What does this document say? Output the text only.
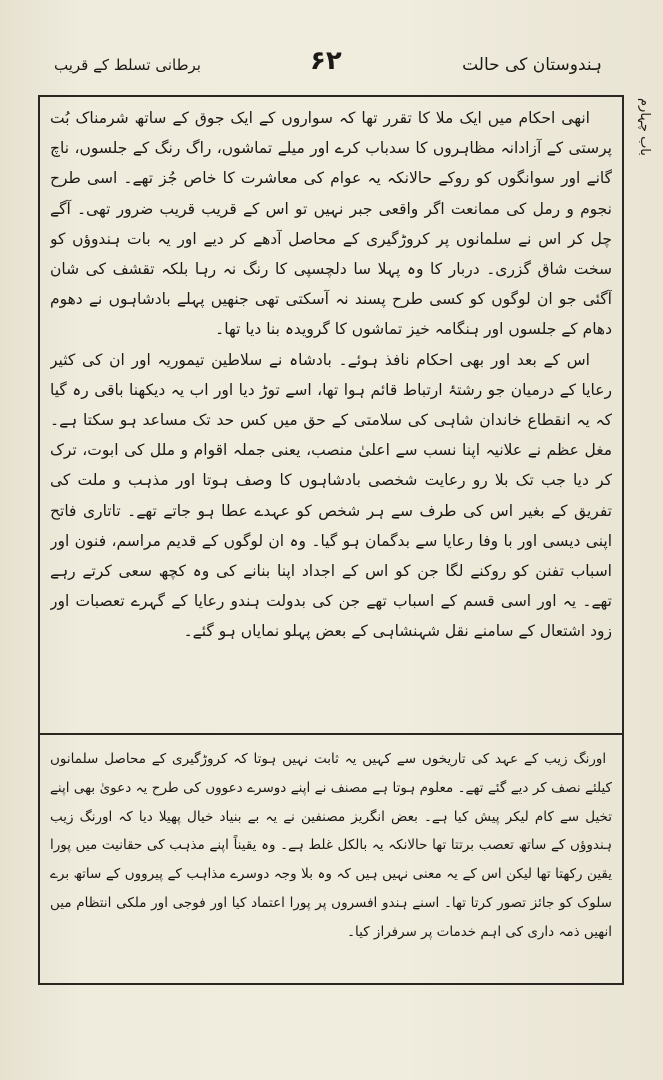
ہندوستان کی حالت
۶۲
برطانی تسلط کے قریب
باب چہارم

انھی احکام میں ایک ملا کا تقرر تھا کہ سواروں کے ایک جوق کے ساتھ شرمناک بُت پرستی کے آزادانہ مظاہروں کا سدباب کرے اور میلے تماشوں، راگ رنگ کے جلسوں، ناچ گانے اور سوانگوں کو روکے حالانکہ یہ عوام کی معاشرت کا خاص جُز تھے۔ اسی طرح نجوم و رمل کی ممانعت اگر واقعی جبر نہیں تو اس کے قریب قریب ضرور تھی۔ آگے چل کر اس نے سلمانوں پر کروڑگیری کے محاصل آدھے کر دیے اور یہ بات ہندوؤں کو سخت شاق گزری۔ دربار کا وہ پہلا سا دلچسپی کا رنگ نہ رہا بلکہ تقشف کی شان آگئی جو ان لوگوں کو کسی طرح پسند نہ آسکتی تھی جنھیں پہلے بادشاہوں نے دھوم دھام کے جلسوں اور ہنگامہ خیز تماشوں کا گرویدہ بنا دیا تھا۔

اس کے بعد اور بھی احکام نافذ ہوئے۔ بادشاہ نے سلاطین تیموریہ اور ان کی کثیر رعایا کے درمیان جو رشتۂ ارتباط قائم ہوا تھا، اسے توڑ دیا اور اب یہ دیکھنا باقی رہ گیا کہ یہ انقطاع خاندان شاہی کی سلامتی کے حق میں کس حد تک مساعد ہو سکتا ہے۔ مغل عظم نے علانیہ اپنا نسب سے اعلیٰ منصب، یعنی جملہ اقوام و ملل کی ابوت، ترک کر دیا جب تک بلا رو رعایت شخصی بادشاہوں کا وصف ہوتا اور مذہب و ملت کی تفریق کے بغیر اس کی طرف سے ہر شخص کو عہدے عطا ہو جاتے تھے۔ تاتاری فاتح اپنی دیسی اور با وفا رعایا سے بدگمان ہو گیا۔ وہ ان لوگوں کے قدیم مراسم، فنون اور اسباب تفنن کو روکنے لگا جن کو اس کے اجداد اپنا بنانے کی وہ کچھ سعی کرتے رہے تھے۔ یہ اور اسی قسم کے اسباب تھے جن کی بدولت ہندو رعایا کے گہرے تعصبات اور زود اشتعال کے سامنے نقل شہنشاہی کے بعض پہلو نمایاں ہو گئے۔

ؔ اورنگ زیب کے عہد کی تاریخوں سے کہیں یہ ثابت نہیں ہوتا کہ کروڑگیری کے محاصل سلمانوں کیلئے نصف کر دیے گئے تھے۔ معلوم ہوتا ہے مصنف نے اپنے دوسرے دعووں کی طرح یہ دعویٰ بھی اپنے تخیل سے کام لیکر پیش کیا ہے۔ بعض انگریز مصنفین نے یہ بے بنیاد خیال پھیلا دیا کہ اورنگ زیب ہندوؤں کے ساتھ تعصب برتتا تھا حالانکہ یہ بالکل غلط ہے۔ وہ یقیناً اپنے مذہب کی حقانیت میں پورا یقین رکھتا تھا لیکن اس کے یہ معنی نہیں ہیں کہ وہ بلا وجہ دوسرے مذاہب کے پیرووں کے ساتھ برے سلوک کو جائز تصور کرتا تھا۔ اسنے ہندو افسروں پر پورا اعتماد کیا اور فوجی اور ملکی انتظام میں انھیں ذمہ داری کی اہم خدمات پر سرفراز کیا۔
